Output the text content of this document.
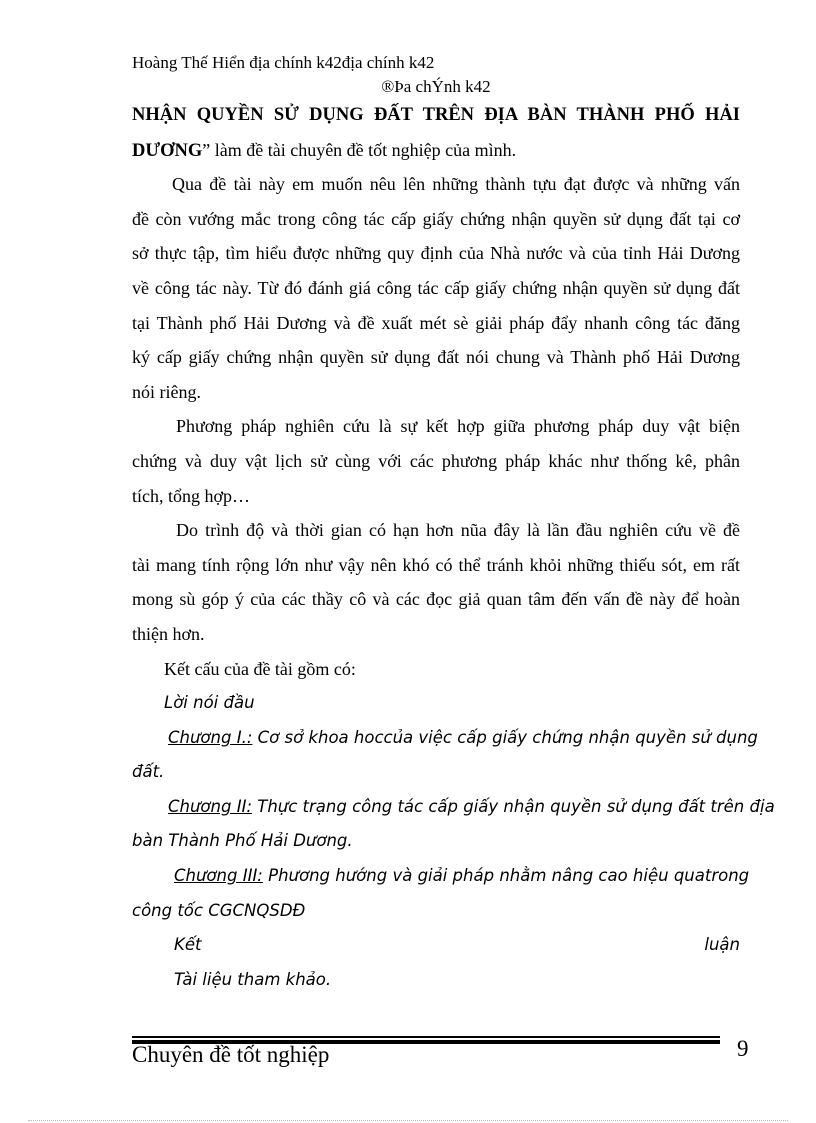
Hoàng Thế Hiển địa chính k42địa chính k42
®Þa chÝnh k42
NHẬN QUYỀN SỬ DỤNG ĐẤT TRÊN ĐỊA BÀN THÀNH PHỐ HẢI
DƯƠNG” làm đề tài chuyên đề tốt nghiệp của mình.
Qua đề tài này em muốn nêu lên những thành tựu đạt được và những vấn
đề còn vướng mắc trong công tác cấp giấy chứng nhận quyền sử dụng đất tại cơ
sở thực tập, tìm hiểu được những quy định của Nhà nước và của tỉnh Hải Dương
về công tác này. Từ đó đánh giá công tác cấp giấy chứng nhận quyền sử dụng đất
tại Thành phố Hải Dương và đề xuất mét sè giải pháp đẩy nhanh công tác đăng
ký cấp giấy chứng nhận quyền sử dụng đất nói chung và Thành phố Hải Dương
nói riêng.
Phương pháp nghiên cứu là sự kết hợp giữa phương pháp duy vật biện
chứng và duy vật lịch sử cùng với các phương pháp khác như thống kê, phân
tích, tổng hợp…
Do trình độ và thời gian có hạn hơn nũa đây là lần đầu nghiên cứu về đề
tài mang tính rộng lớn như vậy nên khó có thể tránh khỏi những thiếu sót, em rất
mong sù góp ý của các thầy cô và các đọc giả quan tâm đến vấn đề này để hoàn
thiện hơn.
Kết cấu của đề tài gồm có:
Lời nói đầu
Chương I.: Cơ sở khoa hoccủa việc cấp giấy chứng nhận quyền sử dụng
đất.
Chương II: Thực trạng công tác cấp giấy nhận quyền sử dụng đất trên địa
bàn Thành Phố Hải Dương.
Chương III: Phương hướng và giải pháp nhằm nâng cao hiệu quatrong
công tốc CGCNQSDĐ
Kết	luận
Tài liệu tham khảo.
Chuyên đề tốt nghiệp	9
